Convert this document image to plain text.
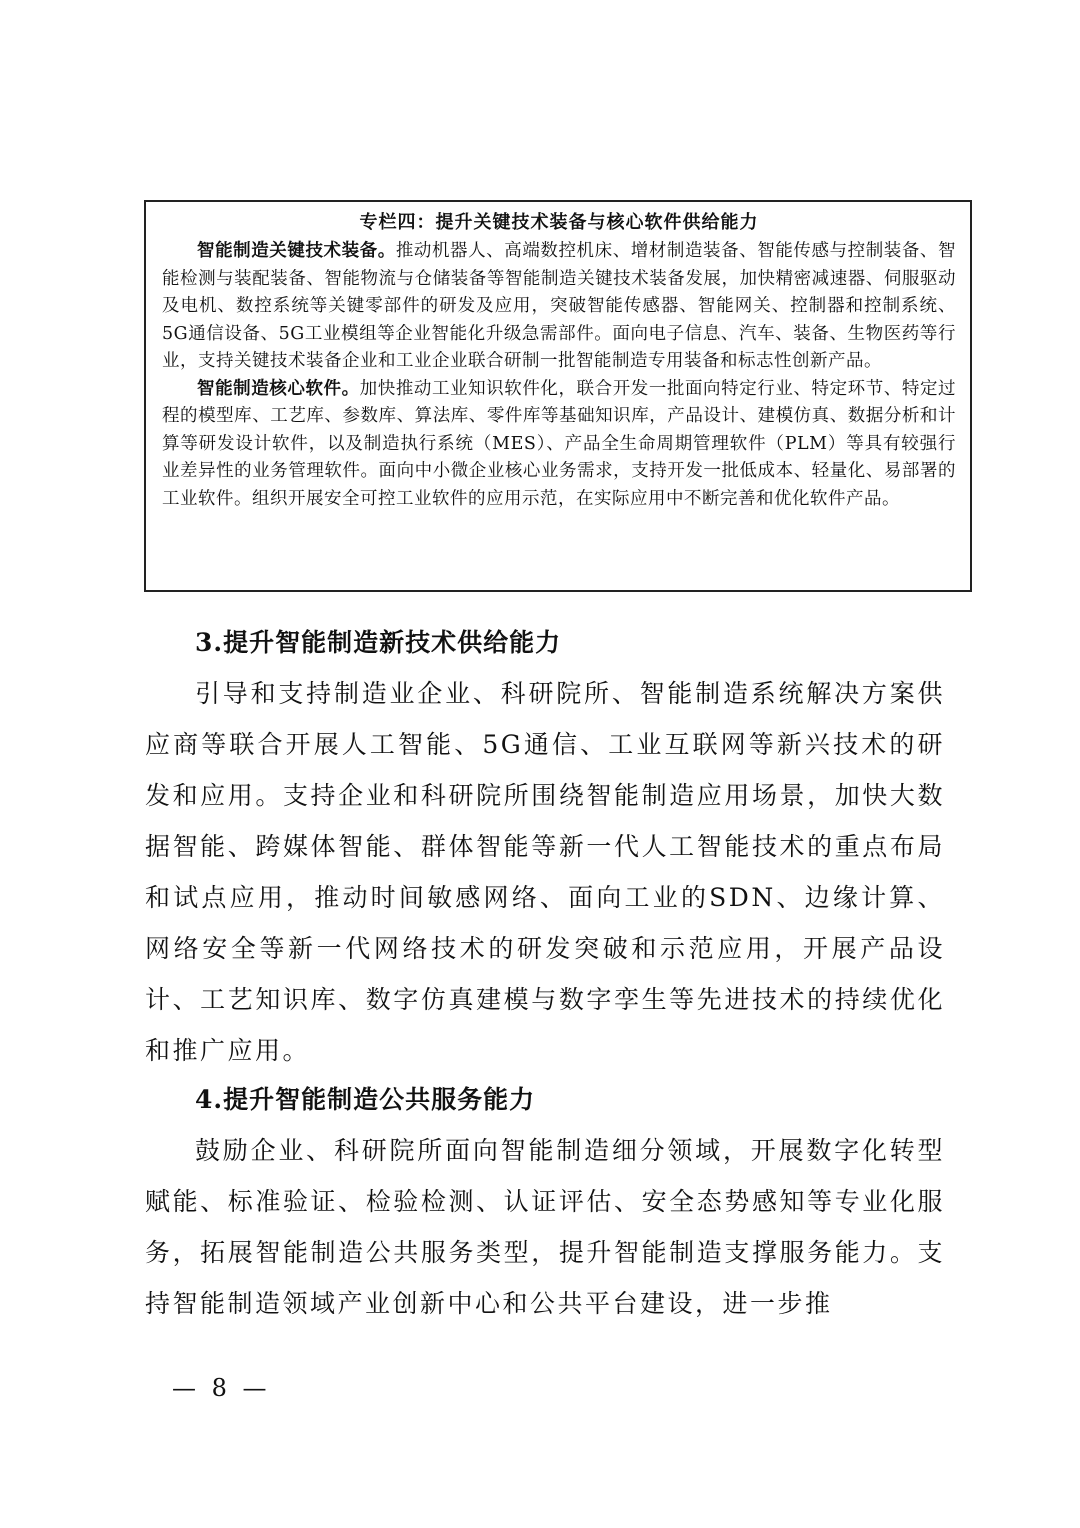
专栏四：提升关键技术装备与核心软件供给能力

智能制造关键技术装备。推动机器人、高端数控机床、增材制造装备、智能传感与控制装备、智能检测与装配装备、智能物流与仓储装备等智能制造关键技术装备发展，加快精密减速器、伺服驱动及电机、数控系统等关键零部件的研发及应用，突破智能传感器、智能网关、控制器和控制系统、5G通信设备、5G工业模组等企业智能化升级急需部件。面向电子信息、汽车、装备、生物医药等行业，支持关键技术装备企业和工业企业联合研制一批智能制造专用装备和标志性创新产品。

智能制造核心软件。加快推动工业知识软件化，联合开发一批面向特定行业、特定环节、特定过程的模型库、工艺库、参数库、算法库、零件库等基础知识库，产品设计、建模仿真、数据分析和计算等研发设计软件，以及制造执行系统（MES）、产品全生命周期管理软件（PLM）等具有较强行业差异性的业务管理软件。面向中小微企业核心业务需求，支持开发一批低成本、轻量化、易部署的工业软件。组织开展安全可控工业软件的应用示范，在实际应用中不断完善和优化软件产品。

3.提升智能制造新技术供给能力

引导和支持制造业企业、科研院所、智能制造系统解决方案供应商等联合开展人工智能、5G通信、工业互联网等新兴技术的研发和应用。支持企业和科研院所围绕智能制造应用场景，加快大数据智能、跨媒体智能、群体智能等新一代人工智能技术的重点布局和试点应用，推动时间敏感网络、面向工业的SDN、边缘计算、网络安全等新一代网络技术的研发突破和示范应用，开展产品设计、工艺知识库、数字仿真建模与数字孪生等先进技术的持续优化和推广应用。

4.提升智能制造公共服务能力

鼓励企业、科研院所面向智能制造细分领域，开展数字化转型赋能、标准验证、检验检测、认证评估、安全态势感知等专业化服务，拓展智能制造公共服务类型，提升智能制造支撑服务能力。支持智能制造领域产业创新中心和公共平台建设，进一步推

— 8 —
